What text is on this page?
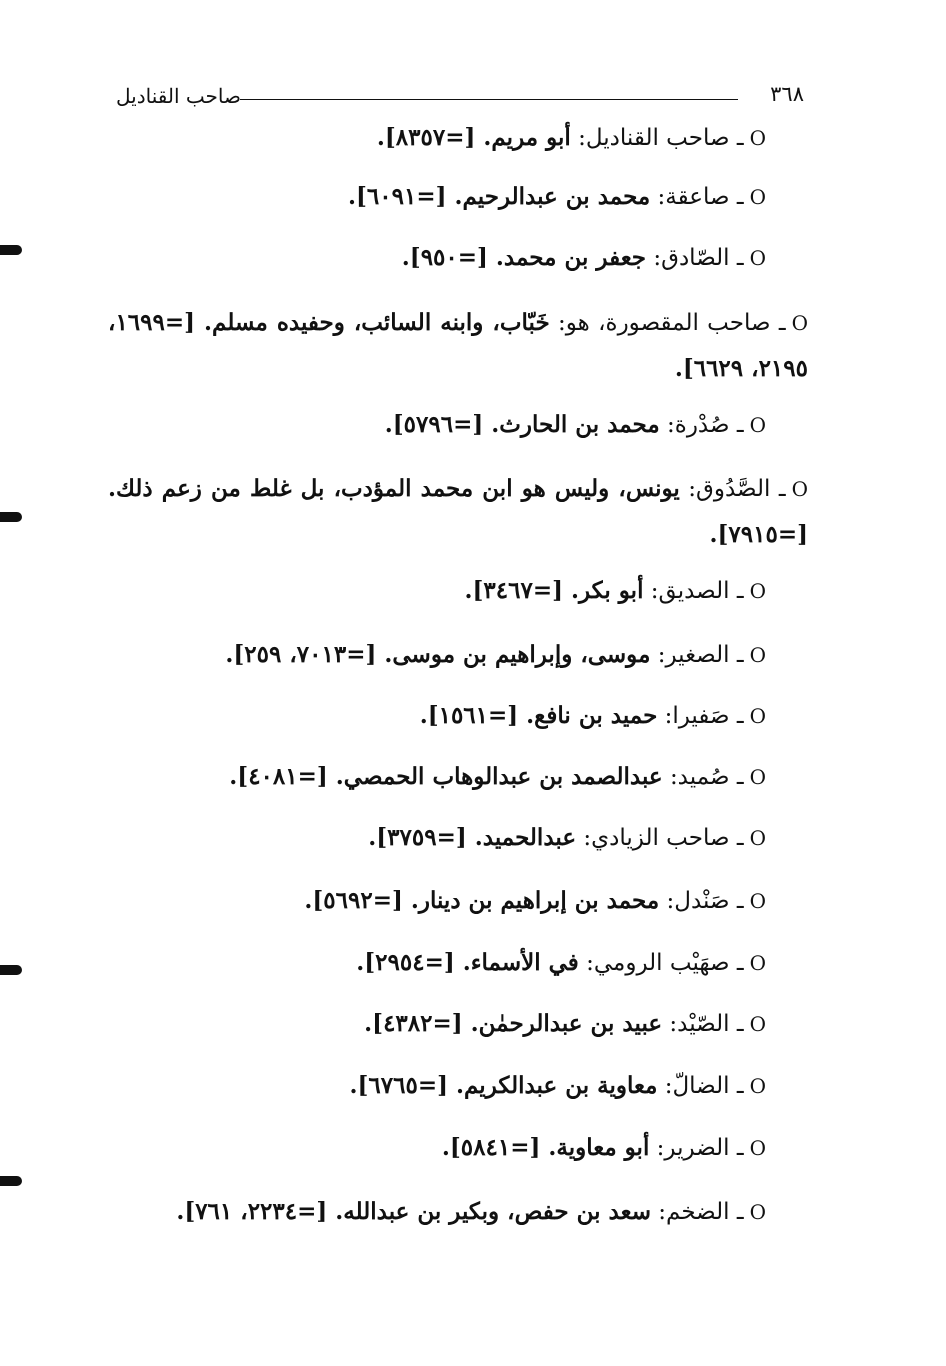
صاحب القناديل	٣٦٨
Oـ صاحب القناديل: أبو مريم. [=٨٣٥٧].
Oـ صاعقة: محمد بن عبدالرحيم. [=٦٠٩١].
Oـ الصّادق: جعفر بن محمد. [=٩٥٠].
Oـ صاحب المقصورة، هو: خَبّاب، وابنه السائب، وحفيده مسلم. [=١٦٩٩، ٢١٩٥، ٦٦٢٩].
Oـ صُدْرة: محمد بن الحارث. [=٥٧٩٦].
Oـ الصَّدُوق: يونس، وليس هو ابن محمد المؤدب، بل غلط من زعم ذلك. [=٧٩١٥].
Oـ الصديق: أبو بكر. [=٣٤٦٧].
Oـ الصغير: موسى، وإبراهيم بن موسى. [=٧٠١٣، ٢٥٩].
Oـ صَفيرا: حميد بن نافع. [=١٥٦١].
Oـ صُميد: عبدالصمد بن عبدالوهاب الحمصي. [=٤٠٨١].
Oـ صاحب الزيادي: عبدالحميد. [=٣٧٥٩].
Oـ صَنْدل: محمد بن إبراهيم بن دينار. [=٥٦٩٢].
Oـ صهَيْب الرومي: في الأسماء. [=٢٩٥٤].
Oـ الصّيْد: عبيد بن عبدالرحمٰن. [=٤٣٨٢].
Oـ الضالّ: معاوية بن عبدالكريم. [=٦٧٦٥].
Oـ الضرير: أبو معاوية. [=٥٨٤١].
Oـ الضخم: سعد بن حفص، وبكير بن عبدالله. [=٢٢٣٤، ٧٦١].
